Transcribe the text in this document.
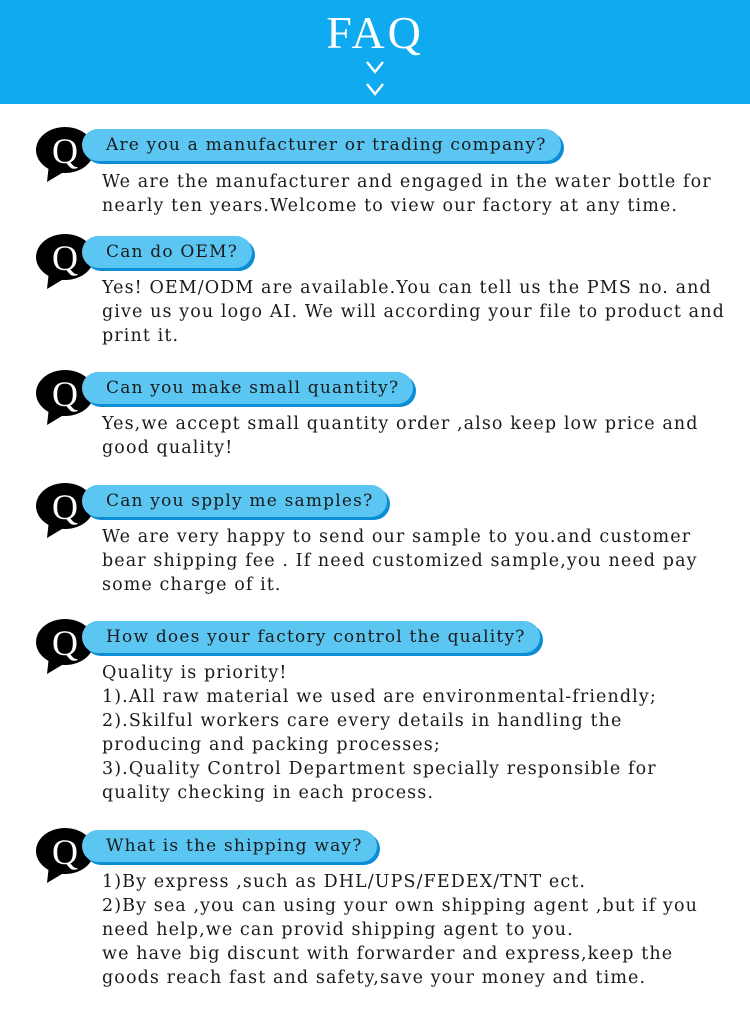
FAQ
Q	Are you a manufacturer or trading company?
We are the manufacturer and engaged in the water bottle for
nearly ten years.Welcome to view our factory at any time.
Q	Can do OEM?
Yes! OEM/ODM are available.You can tell us the PMS no. and
give us you logo AI. We will according your file to product and
print it.
Q	Can you make small quantity?
Yes,we accept small quantity order ,also keep low price and
good quality!
Q	Can you spply me samples?
We are very happy to send our sample to you.and customer
bear shipping fee . If need customized sample,you need pay
some charge of it.
Q	How does your factory control the quality?
Quality is priority!
1).All raw material we used are environmental-friendly;
2).Skilful workers care every details in handling the
producing and packing processes;
3).Quality Control Department specially responsible for
quality checking in each process.
Q	What is the shipping way?
1)By express ,such as DHL/UPS/FEDEX/TNT ect.
2)By sea ,you can using your own shipping agent ,but if you
need help,we can provid shipping agent to you.
we have big discunt with forwarder and express,keep the
goods reach fast and safety,save your money and time.
